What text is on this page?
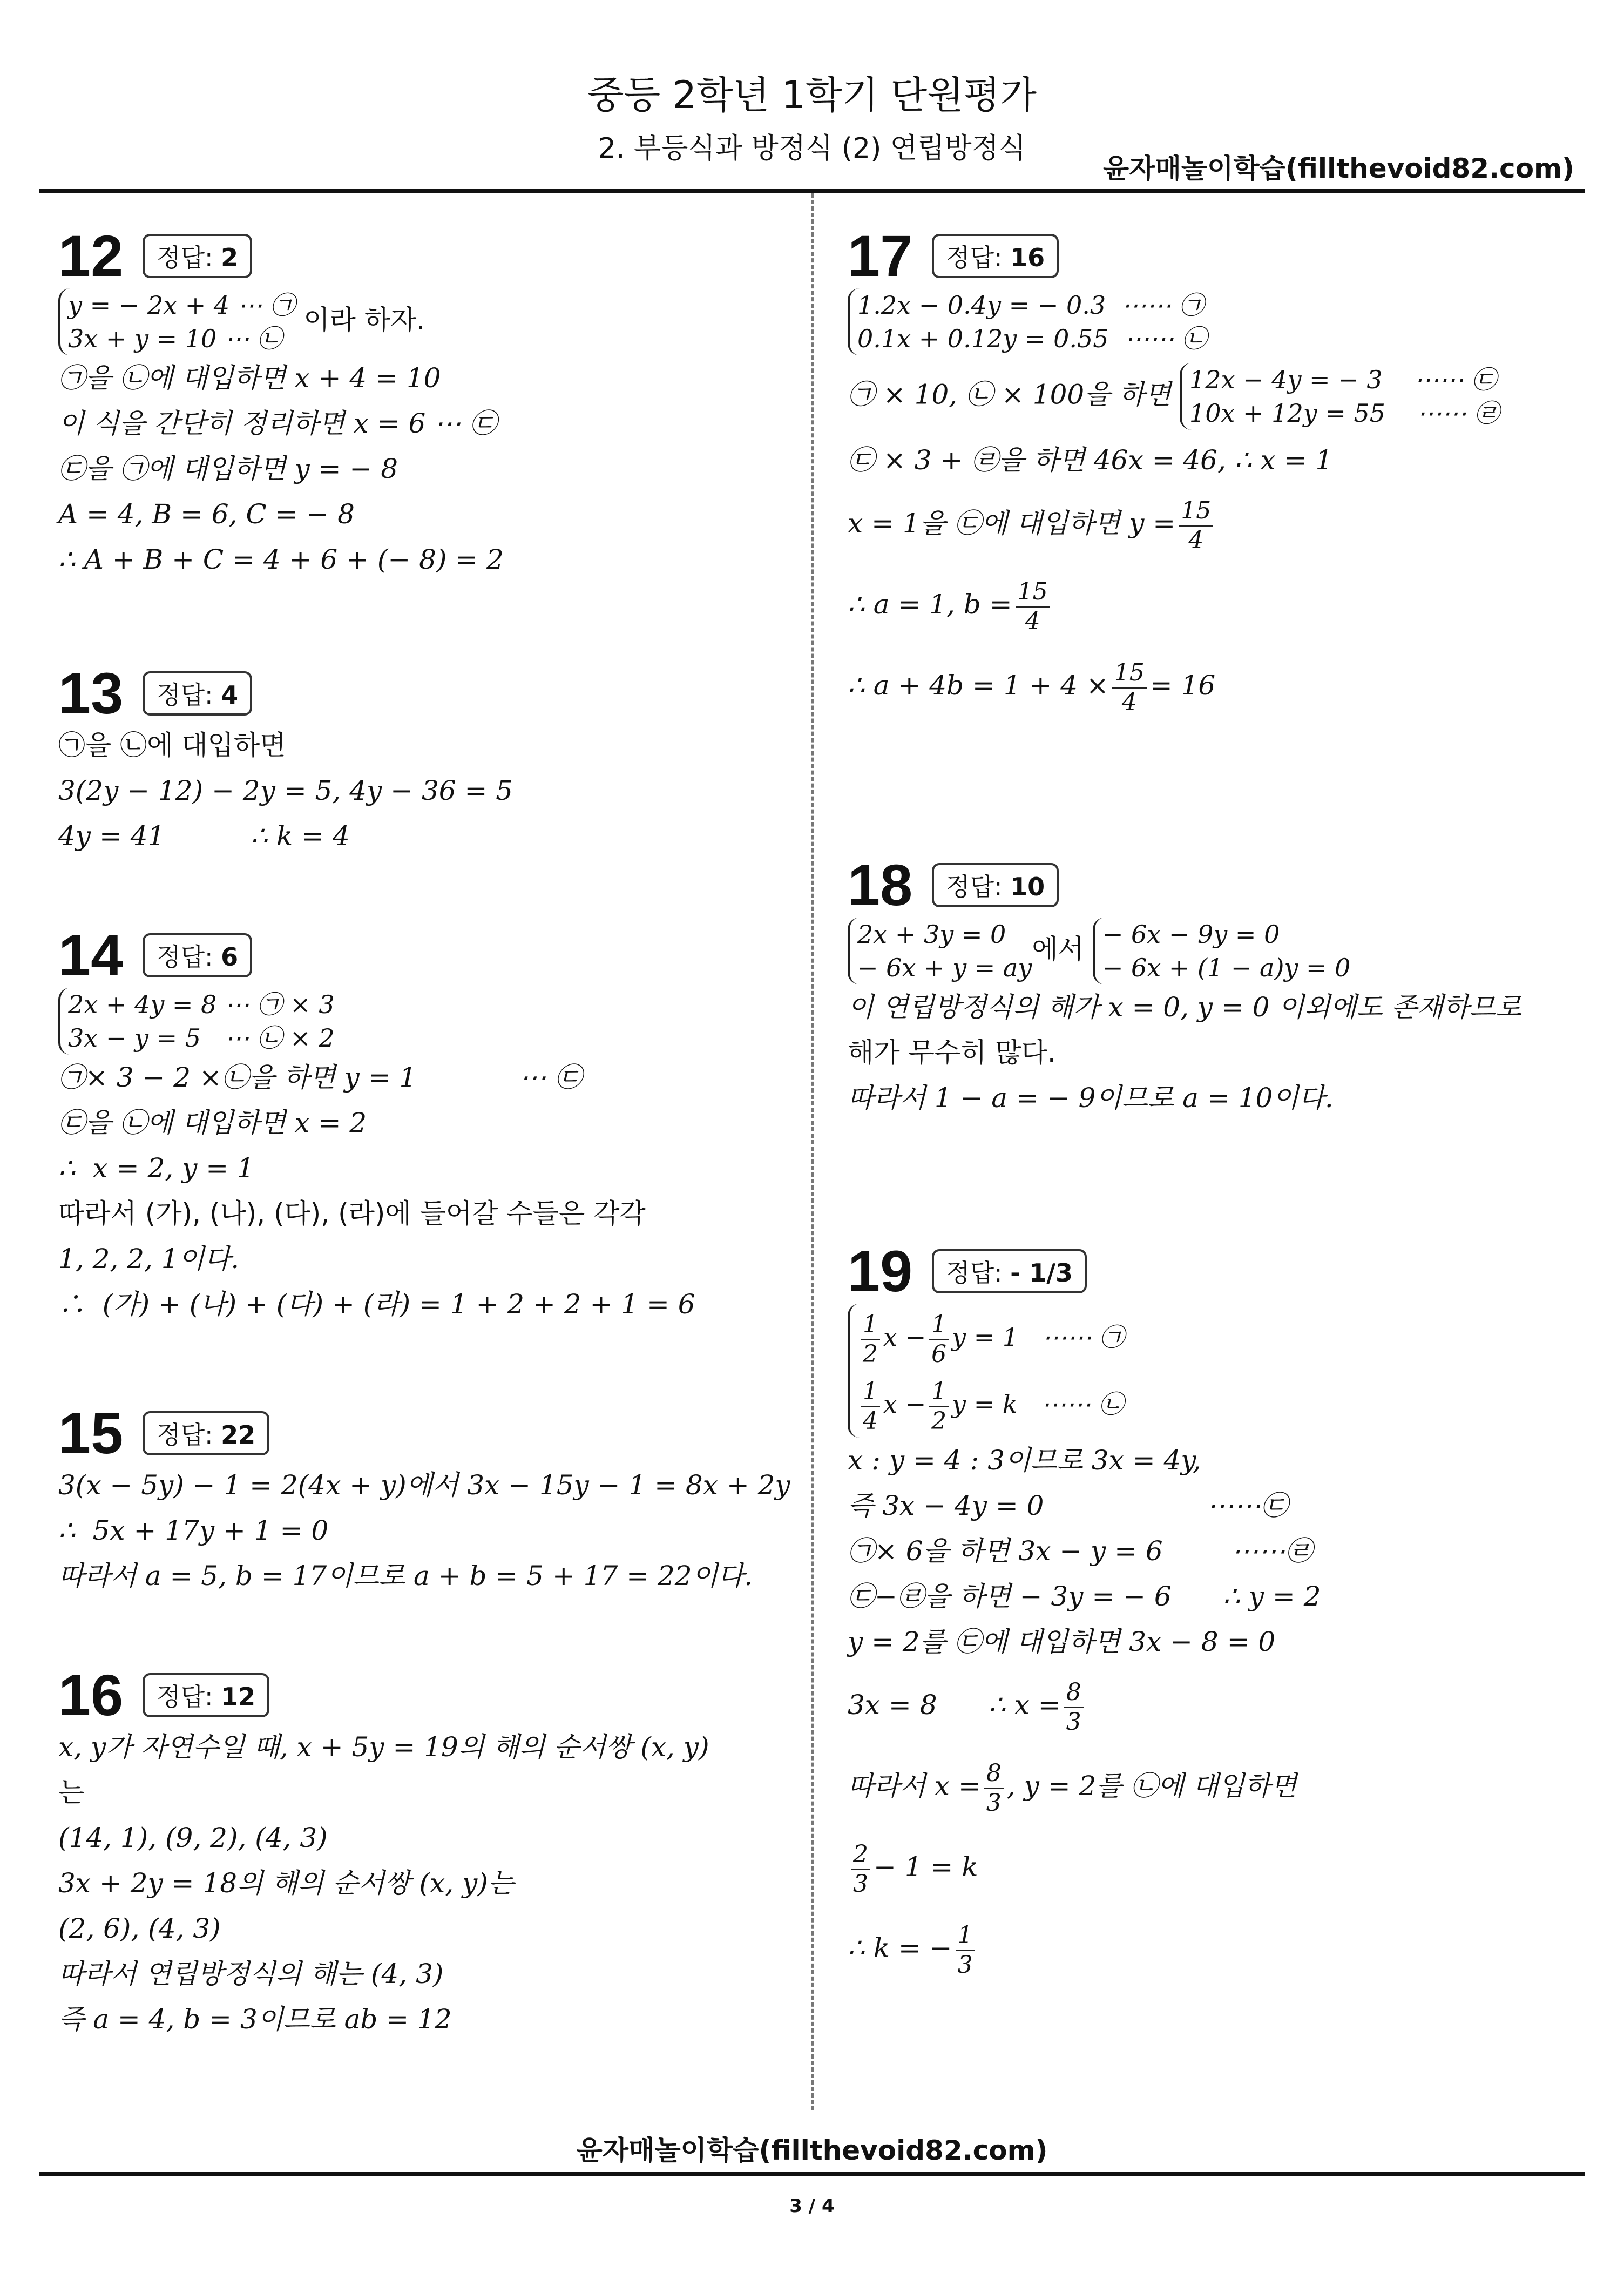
중등 2학년 1학기 단원평가
2. 부등식과 방정식 (2) 연립방정식
윤자매놀이학습(fillthevoid82.com)
12 정답: 2
y = − 2x + 4 ⋯ ㉠
3x + y = 10 ⋯ ㉡ 이라 하자.
㉠을 ㉡에 대입하면 x + 4 = 10
이 식을 간단히 정리하면 x = 6 ⋯ ㉢
㉢을 ㉠에 대입하면 y = − 8
A = 4, B = 6, C = − 8
∴ A + B + C = 4 + 6 + (− 8) = 2
13 정답: 4
㉠을 ㉡에 대입하면
3(2y − 12) − 2y = 5, 4y − 36 = 5
4y = 41          ∴ k = 4
14 정답: 6
2x + 4y = 8 ⋯ ㉠ × 3
3x − y = 5   ⋯ ㉡ × 2
㉠× 3 − 2 ×㉡을 하면 y = 1            ⋯ ㉢
㉢을 ㉡에 대입하면 x = 2
∴  x = 2, y = 1
따라서 (가), (나), (다), (라)에 들어갈 수들은 각각
1, 2, 2, 1이다.
∴  (가) + (나) + (다) + (라) = 1 + 2 + 2 + 1 = 6
15 정답: 22
3(x − 5y) − 1 = 2(4x + y)에서 3x − 15y − 1 = 8x + 2y
∴  5x + 17y + 1 = 0
따라서 a = 5, b = 17이므로 a + b = 5 + 17 = 22이다.
16 정답: 12
x, y가 자연수일 때, x + 5y = 19의 해의 순서쌍 (x, y)
는
(14, 1), (9, 2), (4, 3)
3x + 2y = 18의 해의 순서쌍 (x, y)는
(2, 6), (4, 3)
따라서 연립방정식의 해는 (4, 3)
즉 a = 4, b = 3이므로 ab = 12
17 정답: 16
1.2x − 0.4y = − 0.3  ⋯⋯ ㉠
0.1x + 0.12y = 0.55  ⋯⋯ ㉡
㉠ × 10, ㉡ × 100을 하면 12x − 4y = − 3    ⋯⋯ ㉢
10x + 12y = 55    ⋯⋯ ㉣
㉢ × 3 + ㉣을 하면 46x = 46, ∴ x = 1
x = 1을 ㉢에 대입하면 $y = \frac{15}{4}$
∴ a = 1, $b = \frac{15}{4}$
∴ $a + 4b = 1 + 4 \times \frac{15}{4} = 16$
18 정답: 10
2x + 3y = 0
− 6x + y = ay에서 − 6x − 9y = 0
− 6x + (1 − a)y = 0
이 연립방정식의 해가 x = 0, y = 0 이외에도 존재하므로
해가 무수히 많다.
따라서 1 − a = − 9이므로 a = 10이다.
19 정답: - 1/3
$\frac{1}{2}$ $x - \frac{1}{6}$ y = 1   ⋯⋯ ㉠

$\frac{1}{4}$ $x - \frac{1}{2}$ y = k   ⋯⋯ ㉡
x : y = 4 : 3이므로 3x = 4y,
즉 3x − 4y = 0                   ⋯⋯㉢
㉠× 6을 하면 3x − y = 6        ⋯⋯㉣
㉢−㉣을 하면 − 3y = − 6      ∴ y = 2
y = 2를 ㉢에 대입하면 3x − 8 = 0
3x = 8      ∴ $x = \frac{8}{3}$
따라서 $x = \frac{8}{3}$ , y = 2를 ㉡에 대입하면
$\frac{2}{3} - 1 = k$
∴ k = − $\frac{1}{3}$
윤자매놀이학습(fillthevoid82.com)
3 / 4
